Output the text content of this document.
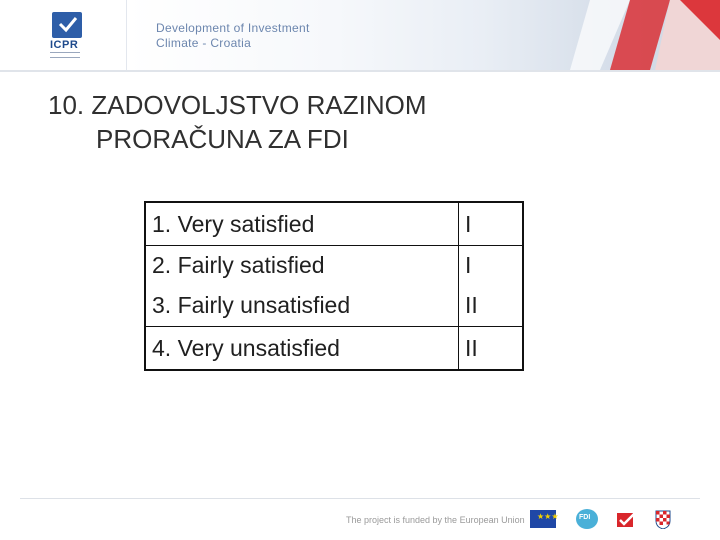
ICPR
Development of Investment
Climate - Croatia
10. ZADOVOLJSTVO RAZINOM
PRORAČUNA ZA FDI
1. Very satisfied	I
2. Fairly satisfied	I
3. Fairly unsatisfied	II
4. Very unsatisfied	II
The project is funded by the European Union ★★★	FDI
